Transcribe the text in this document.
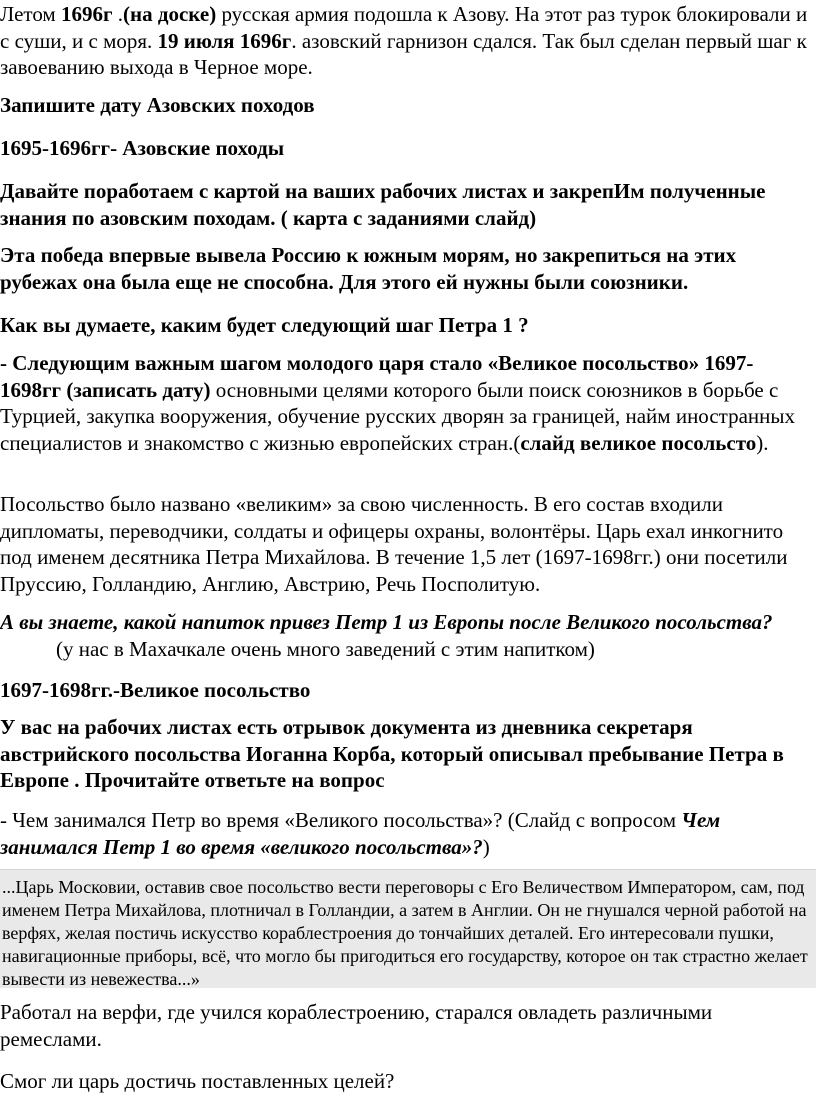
Летом 1696г .(на доске) русская армия подошла к Азову. На этот раз турок блокировали и с суши, и с моря. 19 июля 1696г. азовский гарнизон сдался. Так был сделан первый шаг к завоеванию выхода в Черное море.

Запишите дату Азовских походов

1695-1696гг- Азовские походы

Давайте поработаем с картой на ваших рабочих листах и закрепИм полученные знания по азовским походам. ( карта с заданиями слайд)

Эта победа впервые вывела Россию к южным морям, но закрепиться на этих рубежах она была еще не способна. Для этого ей нужны были союзники.

Как вы думаете, каким будет следующий шаг Петра 1 ?

- Следующим важным шагом молодого царя стало «Великое посольство» 1697-1698гг (записать дату) основными целями которого были поиск союзников в борьбе с Турцией, закупка вооружения, обучение русских дворян за границей, найм иностранных специалистов и знакомство с жизнью европейских стран.(слайд великое посольсто).

Посольство было названо «великим» за свою численность. В его состав входили дипломаты, переводчики, солдаты и офицеры охраны, волонтёры. Царь ехал инкогнито под именем десятника Петра Михайлова. В течение 1,5 лет (1697-1698гг.) они посетили Пруссию, Голландию, Англию, Австрию, Речь Посполитую.

А вы знаете, какой напиток привез Петр 1 из Европы после Великого посольства?(у нас в Махачкале очень много заведений с этим напитком)

1697-1698гг.-Великое посольство

У вас на рабочих листах есть отрывок документа из дневника секретаря австрийского посольства Иоганна Корба, который описывал пребывание Петра в Европе . Прочитайте ответьте на вопрос

- Чем занимался Петр во время «Великого посольства»? (Слайд с вопросом Чем занимался Петр 1 во время «великого посольства»?)

...Царь Московии, оставив свое посольство вести переговоры с Его Величеством Императором, сам, под именем Петра Михайлова, плотничал в Голландии, а затем в Англии. Он не гнушался черной работой на верфях, желая постичь искусство кораблестроения до тончайших деталей. Его интересовали пушки, навигационные приборы, всё, что могло бы пригодиться его государству, которое он так страстно желает вывести из невежества...»

Работал на верфи, где учился кораблестроению, старался овладеть различными ремеслами.

Смог ли царь достичь поставленных целей?
